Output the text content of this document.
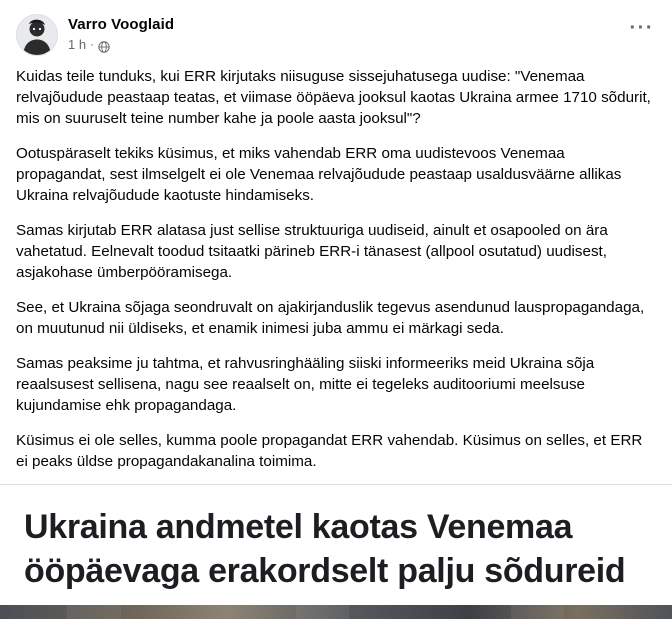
Varro Vooglaid
1 h ·
···

Kuidas teile tunduks, kui ERR kirjutaks niisuguse sissejuhatusega uudise: "Venemaa relvajõudude peastaap teatas, et viimase ööpäeva jooksul kaotas Ukraina armee 1710 sõdurit, mis on suuruselt teine number kahe ja poole aasta jooksul"?

Ootuspäraselt tekiks küsimus, et miks vahendab ERR oma uudistevoos Venemaa propagandat, sest ilmselgelt ei ole Venemaa relvajõudude peastaap usaldusväärne allikas Ukraina relvajõudude kaotuste hindamiseks.

Samas kirjutab ERR alatasa just sellise struktuuriga uudiseid, ainult et osapooled on ära vahetatud. Eelnevalt toodud tsitaatki pärineb ERR-i tänasest (allpool osutatud) uudisest, asjakohase ümberpööramisega.

See, et Ukraina sõjaga seondruvalt on ajakirjanduslik tegevus asendunud lauspropagandaga, on muutunud nii üldiseks, et enamik inimesi juba ammu ei märkagi seda.

Samas peaksime ju tahtma, et rahvusringhääling siiski informeeriks meid Ukraina sõja reaalsusest sellisena, nagu see reaalselt on, mitte ei tegeleks auditooriumi meelsuse kujundamise ehk propagandaga.

Küsimus ei ole selles, kumma poole propagandat ERR vahendab. Küsimus on selles, et ERR ei peaks üldse propagandakanalina toimima.

Ukraina andmetel kaotas Venemaa ööpäevaga erakordselt palju sõdureid
